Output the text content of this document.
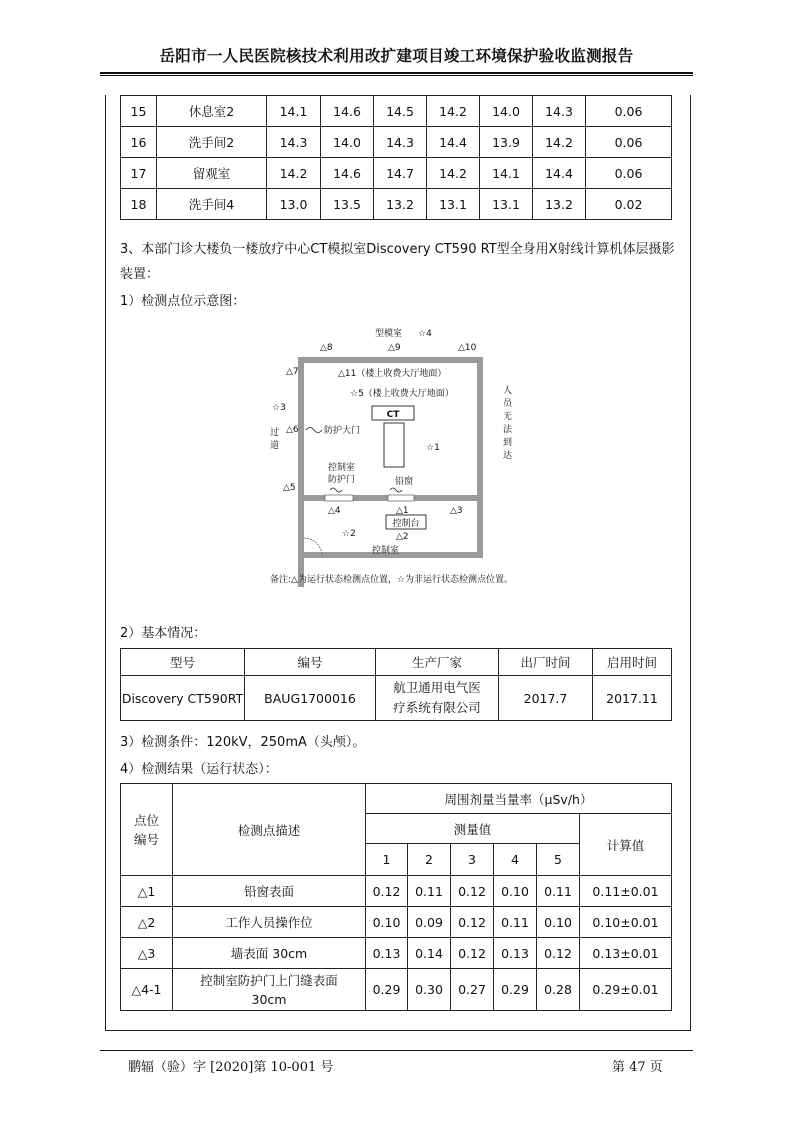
岳阳市一人民医院核技术利用改扩建项目竣工环境保护验收监测报告
15	休息室2	14.1	14.6	14.5	14.2	14.0	14.3	0.06
16	洗手间2	14.3	14.0	14.3	14.4	13.9	14.2	0.06
17	留观室	14.2	14.6	14.7	14.2	14.1	14.4	0.06
18	洗手间4	13.0	13.5	13.2	13.1	13.1	13.2	0.02
3、本部门诊大楼负一楼放疗中心CT模拟室Discovery CT590 RT型全身用X射线计算机体层摄影
装置：
1）检测点位示意图：
CT
控制台
型模室 ☆4
△8	△9	△10
△7	△11（楼上收费大厅地面）
☆5（楼上收费大厅地面）
☆3
△6	防护大门
过
道	☆1
人
员
无
法
到
达
控制室
防护门	铅窗
△5
△4	△1	△3
☆2	△2
控制室
备注:△为运行状态检测点位置，☆为非运行状态检测点位置。
2）基本情况：
型号	编号	生产厂家	出厂时间	启用时间
Discovery CT590RT	BAUG1700016	航卫通用电气医
疗系统有限公司	2017.7	2017.11
3）检测条件：120kV，250mA（头颅）。
4）检测结果（运行状态）：
点位
编号	检测点描述	周围剂量当量率（μSv/h）					
		测量值					计算值
		1	2	3	4	5	
△1	铅窗表面	0.12	0.11	0.12	0.10	0.11	0.11±0.01
△2	工作人员操作位	0.10	0.09	0.12	0.11	0.10	0.10±0.01
△3	墙表面 30cm	0.13	0.14	0.12	0.13	0.12	0.13±0.01
△4-1	控制室防护门上门缝表面
30cm	0.29	0.30	0.27	0.29	0.28	0.29±0.01
鹏辐（验）字 [2020]第 10-001 号	第 47 页
